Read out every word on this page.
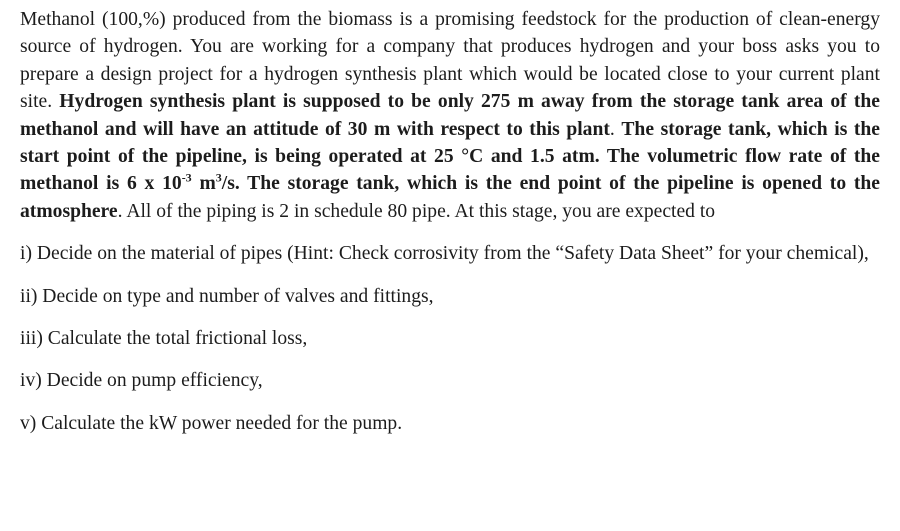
Methanol (100,%) produced from the biomass is a promising feedstock for the production of clean-energy source of hydrogen. You are working for a company that produces hydrogen and your boss asks you to prepare a design project for a hydrogen synthesis plant which would be located close to your current plant site. Hydrogen synthesis plant is supposed to be only 275 m away from the storage tank area of the methanol and will have an attitude of 30 m with respect to this plant. The storage tank, which is the start point of the pipeline, is being operated at 25 °C and 1.5 atm. The volumetric flow rate of the methanol is 6 x $10^{-3}$ $m^3/s$. The storage tank, which is the end point of the pipeline is opened to the atmosphere. All of the piping is 2 in schedule 80 pipe. At this stage, you are expected to

i) Decide on the material of pipes (Hint: Check corrosivity from the “Safety Data Sheet” for your chemical),
ii) Decide on type and number of valves and fittings,
iii) Calculate the total frictional loss,
iv) Decide on pump efficiency,
v) Calculate the kW power needed for the pump.
